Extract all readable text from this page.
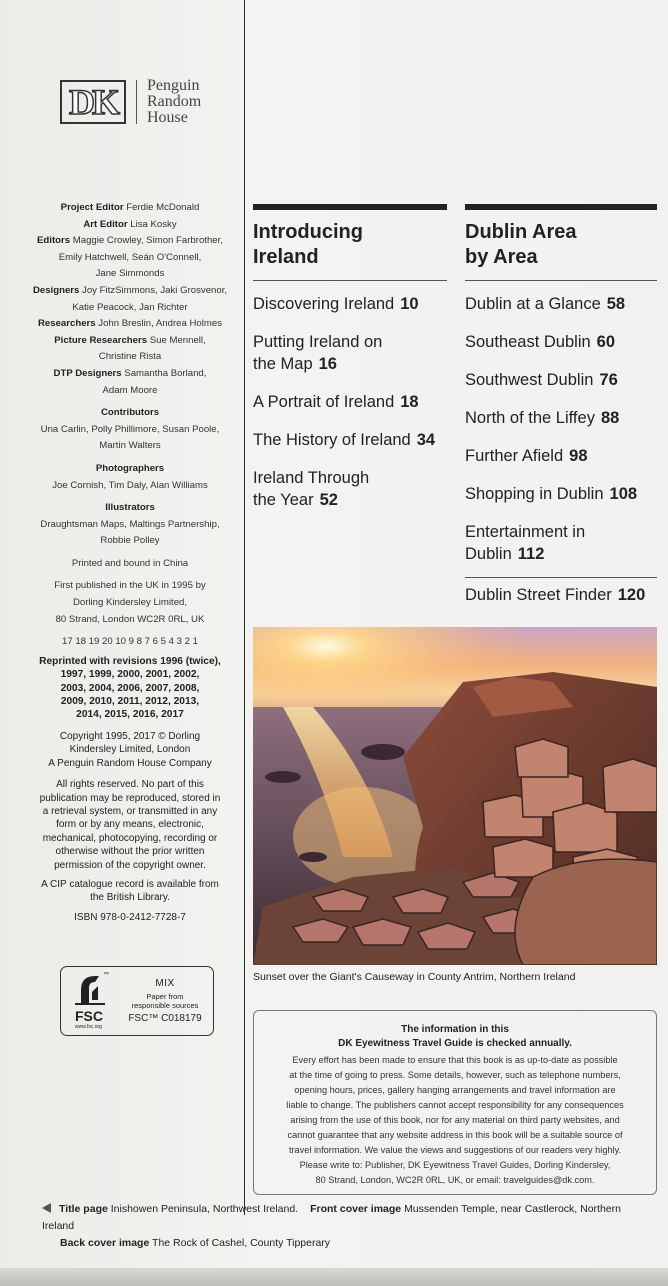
DK Penguin
Random
House
Project Editor Ferdie McDonald
Art Editor Lisa Kosky
Editors Maggie Crowley, Simon Farbrother,
Emily Hatchwell, Seán O'Connell,
Jane Simmonds
Designers Joy FitzSimmons, Jaki Grosvenor,
Katie Peacock, Jan Richter
Researchers John Breslin, Andrea Holmes
Picture Researchers Sue Mennell,
Christine Rista
DTP Designers Samantha Borland,
Adam Moore
Contributors
Una Carlin, Polly Phillimore, Susan Poole,
Martin Walters
Photographers
Joe Cornish, Tim Daly, Alan Williams
Illustrators
Draughtsman Maps, Maltings Partnership,
Robbie Polley
Printed and bound in China
First published in the UK in 1995 by
Dorling Kindersley Limited,
80 Strand, London WC2R 0RL, UK
17 18 19 20 10 9 8 7 6 5 4 3 2 1
Reprinted with revisions 1996 (twice),
1997, 1999, 2000, 2001, 2002,
2003, 2004, 2006, 2007, 2008,
2009, 2010, 2011, 2012, 2013,
2014, 2015, 2016, 2017
Copyright 1995, 2017 © Dorling
Kindersley Limited, London
A Penguin Random House Company
All rights reserved. No part of this
publication may be reproduced, stored in
a retrieval system, or transmitted in any
form or by any means, electronic,
mechanical, photocopying, recording or
otherwise without the prior written
permission of the copyright owner.
A CIP catalogue record is available from
the British Library.
ISBN 978-0-2412-7728-7
FSC
www.fsc.org
™
MIX
Paper from
responsible sources
FSC™ C018179
Introducing
Ireland
Discovering Ireland 10
Putting Ireland on
the Map 16
A Portrait of Ireland 18
The History of Ireland 34
Ireland Through
the Year 52
Dublin Area
by Area
Dublin at a Glance 58
Southeast Dublin 60
Southwest Dublin 76
North of the Liffey 88
Further Afield 98
Shopping in Dublin 108
Entertainment in
Dublin 112
Dublin Street Finder 120
Sunset over the Giant's Causeway in County Antrim, Northern Ireland
The information in this
DK Eyewitness Travel Guide is checked annually.
Every effort has been made to ensure that this book is as up-to-date as possible
at the time of going to press. Some details, however, such as telephone numbers,
opening hours, prices, gallery hanging arrangements and travel information are
liable to change. The publishers cannot accept responsibility for any consequences
arising from the use of this book, nor for any material on third party websites, and
cannot guarantee that any website address in this book will be a suitable source of
travel information. We value the views and suggestions of our readers very highly.
Please write to: Publisher, DK Eyewitness Travel Guides, Dorling Kindersley,
80 Strand, London, WC2R 0RL, UK, or email: travelguides@dk.com.
Title page Inishowen Peninsula, Northwest Ireland. Front cover image Mussenden Temple, near Castlerock, Northern Ireland
Back cover image The Rock of Cashel, County Tipperary
